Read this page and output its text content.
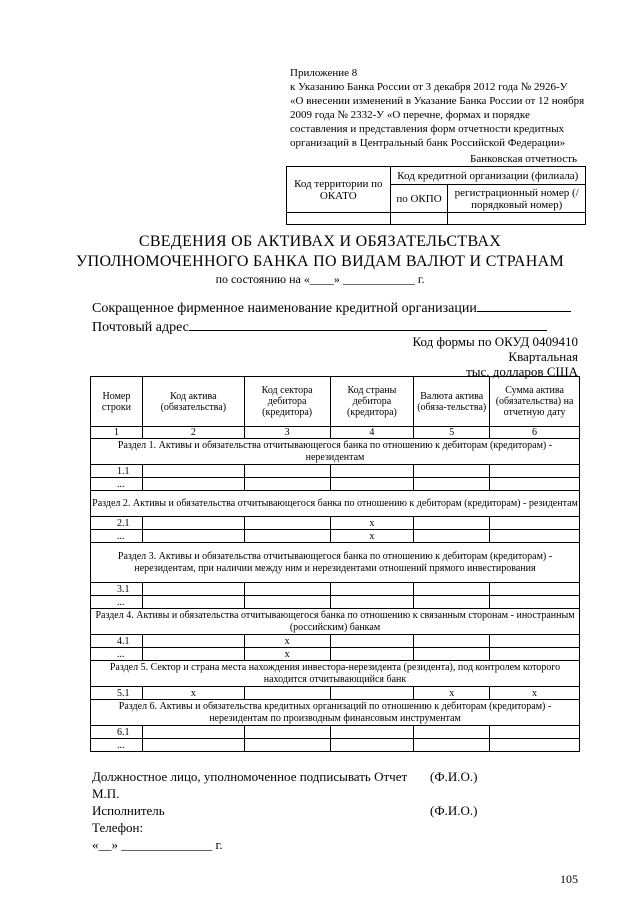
Приложение 8
к Указанию Банка России от 3 декабря 2012 года № 2926-У
«О внесении изменений в Указание Банка России от 12 ноября
2009 года № 2332-У «О перечне, формах и порядке
составления и представления форм отчетности кредитных
организаций в Центральный банк Российской Федерации»
Банковская отчетность
Код территории по ОКАТО	Код кредитной организации (филиала)	
	по ОКПО	регистрационный номер (/порядковый номер)

СВЕДЕНИЯ ОБ АКТИВАХ И ОБЯЗАТЕЛЬСТВАХ
УПОЛНОМОЧЕННОГО БАНКА ПО ВИДАМ ВАЛЮТ И СТРАНАМ
по состоянию на «____» ____________ г.
Сокращенное фирменное наименование кредитной организации
Почтовый адрес
Код формы по ОКУД 0409410
Квартальная
тыс. долларов США
Номер строки	Код актива (обязательства)	Код сектора дебитора (кредитора)	Код страны дебитора (кредитора)	Валюта актива (обяза-тельства)	Сумма актива (обязательства) на отчетную дату
1	2	3	4	5	6
Раздел 1. Активы и обязательства отчитывающегося банка по отношению к дебиторам (кредиторам) - нерезидентам					
1.1					
...					
Раздел 2. Активы и обязательства отчитывающегося банка по отношению к дебиторам (кредиторам) - резидентам					
2.1			x		
...			x		
Раздел 3. Активы и обязательства отчитывающегося банка по отношению к дебиторам (кредиторам) - нерезидентам, при наличии между ним и нерезидентами отношений прямого инвестирования					
3.1					
...					
Раздел 4. Активы и обязательства отчитывающегося банка по отношению к связанным сторонам - иностранным (российским) банкам					
4.1		x			
...		x			
Раздел 5. Сектор и страна места нахождения инвестора-нерезидента (резидента), под контролем которого находится отчитывающийся банк					
5.1	x			x	x
Раздел 6. Активы и обязательства кредитных организаций по отношению к дебиторам (кредиторам) - нерезидентам по производным финансовым инструментам					
6.1					
...					
Должностное лицо, уполномоченное подписывать Отчет (Ф.И.О.)
М.П.
Исполнитель	(Ф.И.О.)
Телефон:
«__» ______________ г.
105
